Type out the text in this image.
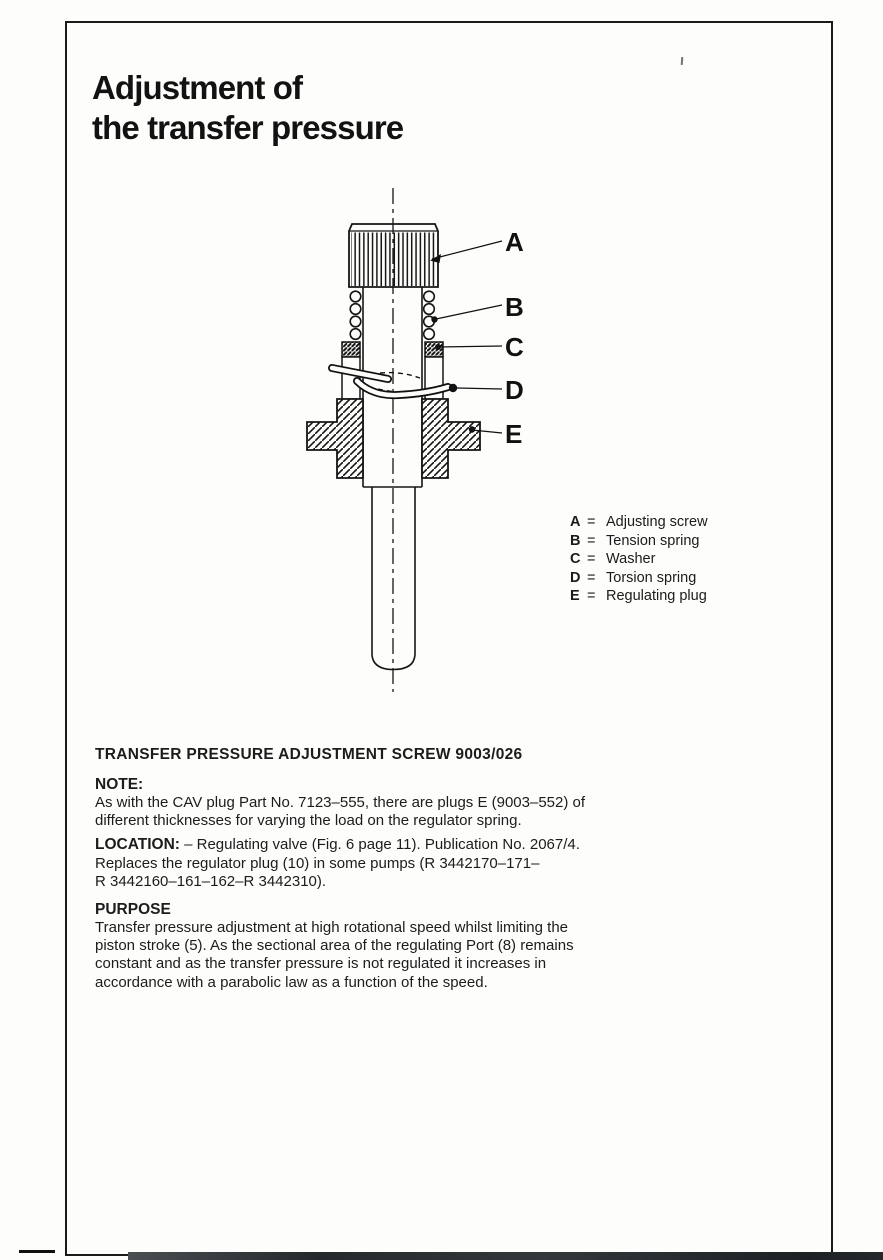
Adjustment of
the transfer pressure
A
B
C
D
E
A = Adjusting screw
B = Tension spring
C = Washer
D = Torsion spring
E = Regulating plug
TRANSFER PRESSURE ADJUSTMENT SCREW 9003/026
NOTE:
As with the CAV plug Part No. 7123–555, there are plugs E (9003–552) of
different thicknesses for varying the load on the regulator spring.
LOCATION: – Regulating valve (Fig. 6 page 11). Publication No. 2067/4.
Replaces the regulator plug (10) in some pumps (R 3442170–171–
R 3442160–161–162–R 3442310).
PURPOSE
Transfer pressure adjustment at high rotational speed whilst limiting the
piston stroke (5). As the sectional area of the regulating Port (8) remains
constant and as the transfer pressure is not regulated it increases in
accordance with a parabolic law as a function of the speed.
